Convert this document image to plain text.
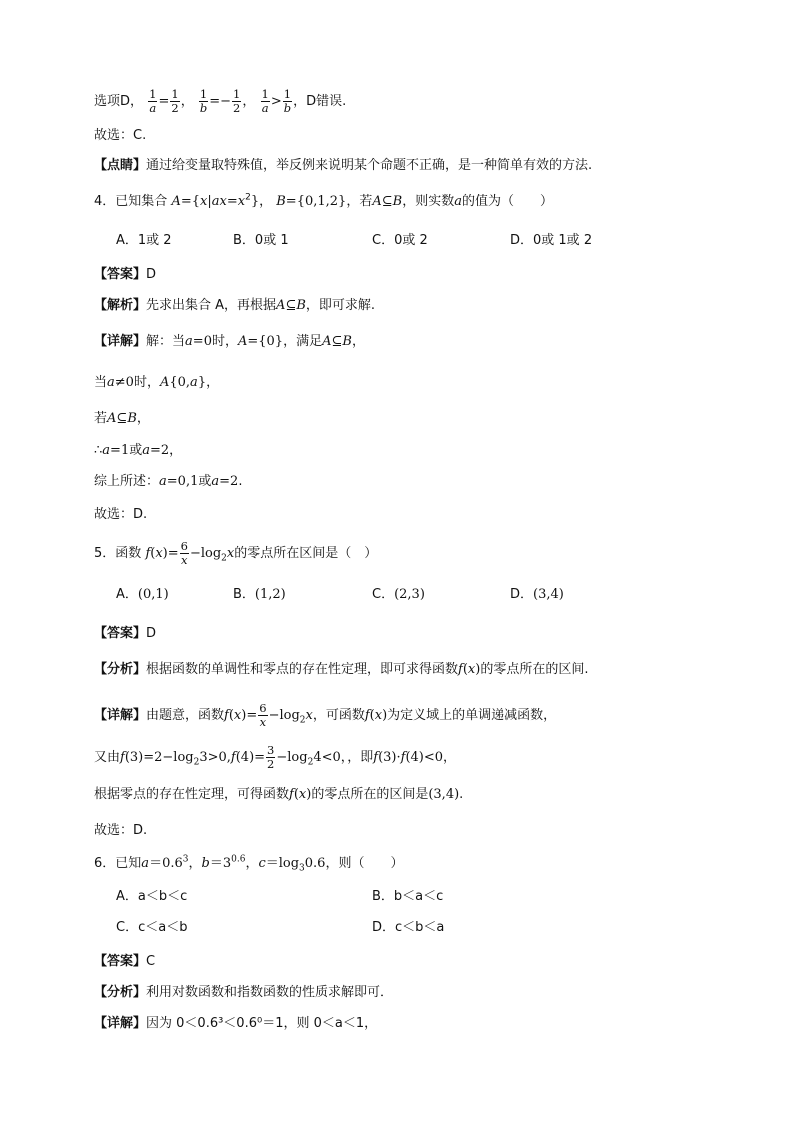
选项D， $\frac{1}{a} = \frac{1}{2}$ ， $\frac{1}{b} =- \frac{1}{2}$ ， $\frac{1}{a} > \frac{1}{b}$ ，D错误.
故选：C.
【点睛】通过给变量取特殊值，举反例来说明某个命题不正确，是一种简单有效的方法.
4．已知集合 $A=\{x|ax=x^2\}$， B={0,1,2}，若A⊆B，则实数a的值为（　　）
A．1或 2	B．0或 1	C．0或 2	D．0或 1或 2
【答案】D
【解析】先求出集合 A，再根据A⊆B，即可求解.
【详解】解：当a=0时，A={0}，满足A⊆B，
当a≠0时，A{0,a}，
若A⊆B，
∴a=1或a=2，
综上所述：a=0,1或a=2.
故选：D.
5．函数 $f(x)= \frac{6}{x} -\log_2x$的零点所在区间是（　）
A．(0,1)	B．(1,2)	C．(2,3)	D．(3,4)
【答案】D
【分析】根据函数的单调性和零点的存在性定理，即可求得函数f(x)的零点所在的区间.
【详解】由题意，函数$f(x)= \frac{6}{x} -\log_2x$，可函数f(x)为定义域上的单调递减函数，
又由$f(3)=2-\log_23>0,f(4)= \frac{3}{2} -\log_24<0$，，即f(3)·f(4)<0，
根据零点的存在性定理，可得函数f(x)的零点所在的区间是(3,4).
故选：D.
6．已知$a=0.6^3$，$b=3^{0.6}$，$c=\log_30.6$，则（　　）
A．a＜b＜c	B．b＜a＜c
C．c＜a＜b	D．c＜b＜a
【答案】C
【分析】利用对数函数和指数函数的性质求解即可．
【详解】因为 0＜0.6³＜0.6⁰＝1，则 0＜a＜1，
